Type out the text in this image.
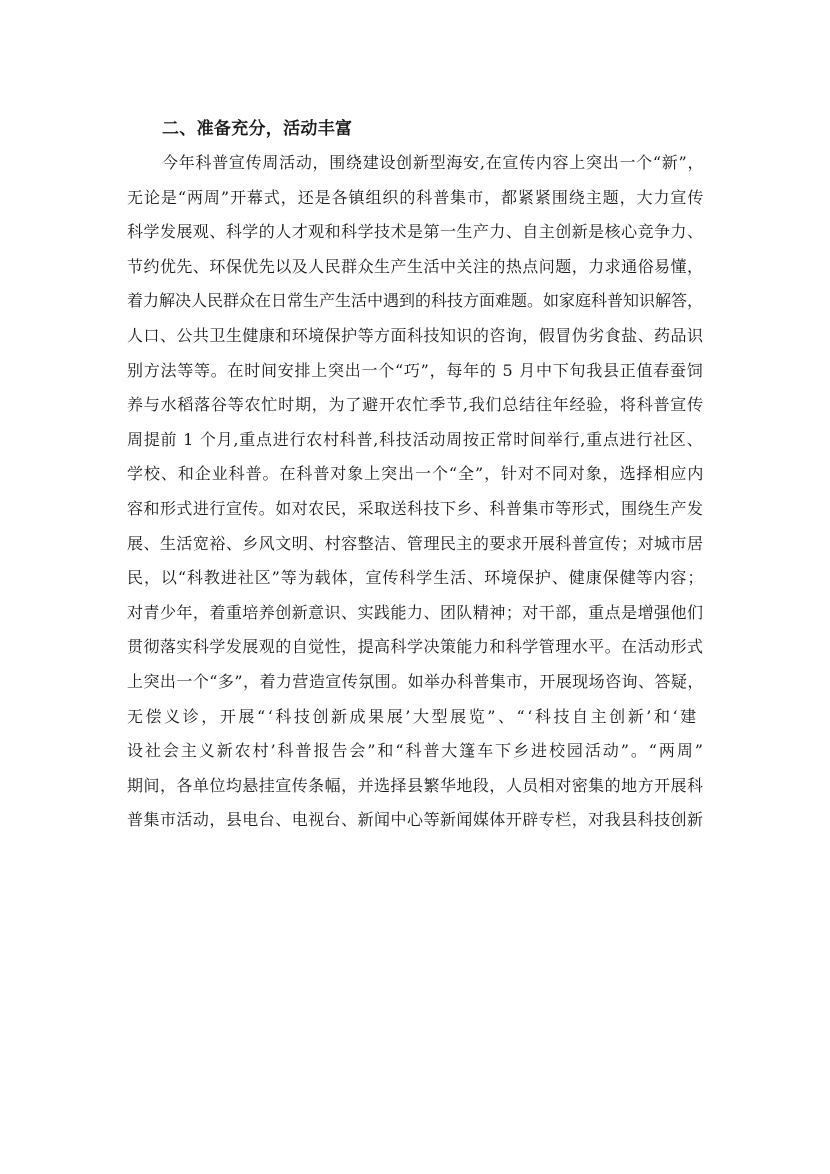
二、准备充分，活动丰富
今年科普宣传周活动，围绕建设创新型海安,在宣传内容上突出一个“新”，
无论是“两周”开幕式，还是各镇组织的科普集市，都紧紧围绕主题，大力宣传
科学发展观、科学的人才观和科学技术是第一生产力、自主创新是核心竞争力、
节约优先、环保优先以及人民群众生产生活中关注的热点问题，力求通俗易懂，
着力解决人民群众在日常生产生活中遇到的科技方面难题。如家庭科普知识解答，
人口、公共卫生健康和环境保护等方面科技知识的咨询，假冒伪劣食盐、药品识
别方法等等。在时间安排上突出一个“巧”，每年的 5 月中下旬我县正值春蚕饲
养与水稻落谷等农忙时期，为了避开农忙季节,我们总结往年经验，将科普宣传
周提前 1 个月,重点进行农村科普,科技活动周按正常时间举行,重点进行社区、
学校、和企业科普。在科普对象上突出一个“全”，针对不同对象，选择相应内
容和形式进行宣传。如对农民，采取送科技下乡、科普集市等形式，围绕生产发
展、生活宽裕、乡风文明、村容整洁、管理民主的要求开展科普宣传；对城市居
民，以“科教进社区”等为载体，宣传科学生活、环境保护、健康保健等内容；
对青少年，着重培养创新意识、实践能力、团队精神；对干部，重点是增强他们
贯彻落实科学发展观的自觉性，提高科学决策能力和科学管理水平。在活动形式
上突出一个“多”，着力营造宣传氛围。如举办科普集市，开展现场咨询、答疑，
无偿义诊，开展“‘科技创新成果展’大型展览”、“‘科技自主创新’和‘建
设社会主义新农村’科普报告会”和“科普大篷车下乡进校园活动”。“两周”
期间，各单位均悬挂宣传条幅，并选择县繁华地段，人员相对密集的地方开展科
普集市活动，县电台、电视台、新闻中心等新闻媒体开辟专栏，对我县科技创新
